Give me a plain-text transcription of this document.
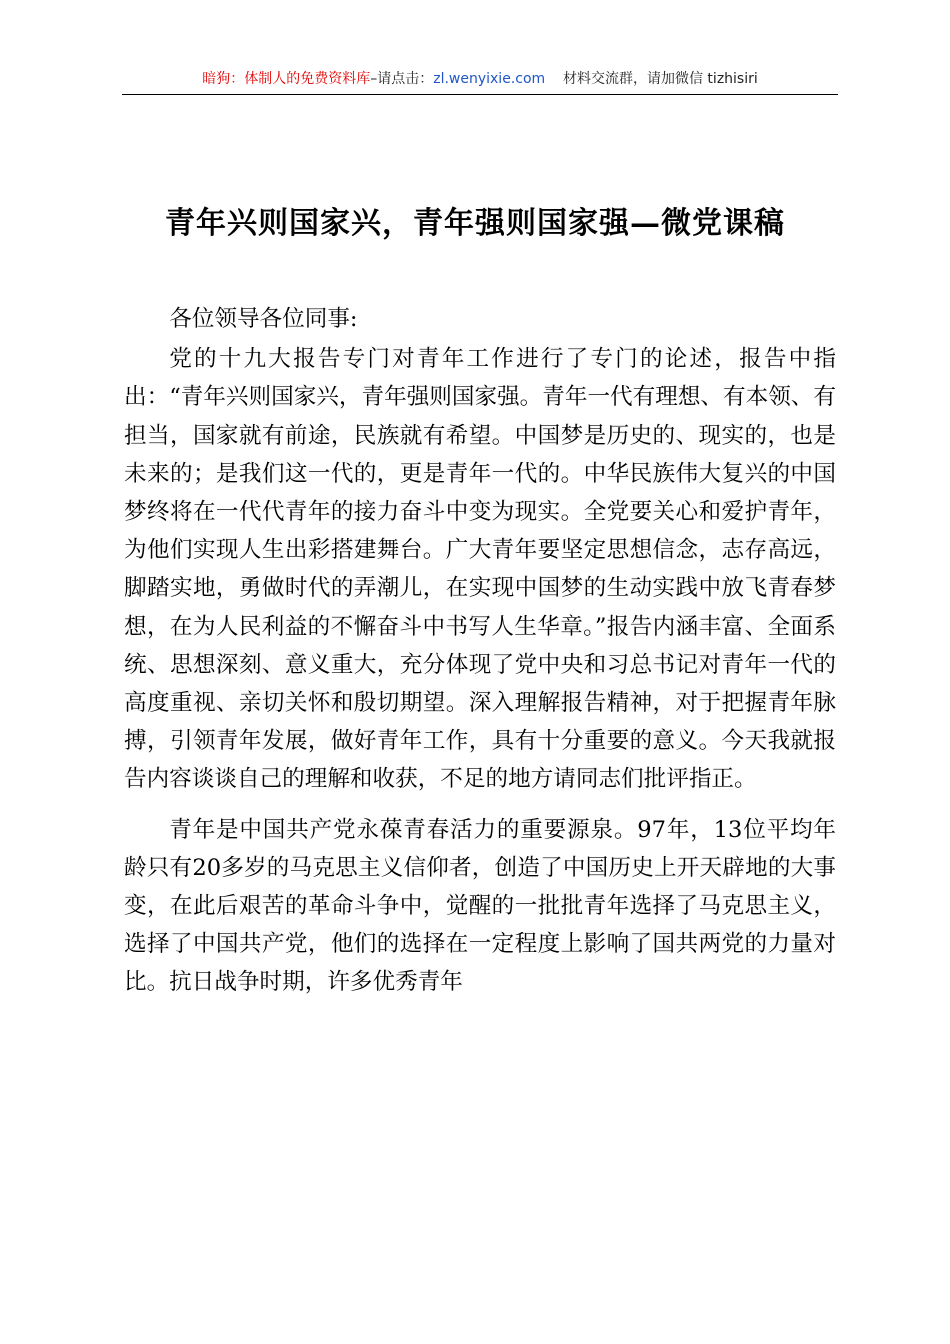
暗狗：体制人的免费资料库–请点击：zl.wenyixie.com 材料交流群，请加微信 tizhisiri
青年兴则国家兴，青年强则国家强—微党课稿

各位领导各位同事:

党的十九大报告专门对青年工作进行了专门的论述，报告中指出：“青年兴则国家兴，青年强则国家强。青年一代有理想、有本领、有担当，国家就有前途，民族就有希望。中国梦是历史的、现实的，也是未来的；是我们这一代的，更是青年一代的。中华民族伟大复兴的中国梦终将在一代代青年的接力奋斗中变为现实。全党要关心和爱护青年，为他们实现人生出彩搭建舞台。广大青年要坚定思想信念，志存高远，脚踏实地，勇做时代的弄潮儿，在实现中国梦的生动实践中放飞青春梦想，在为人民利益的不懈奋斗中书写人生华章。”报告内涵丰富、全面系统、思想深刻、意义重大，充分体现了党中央和习总书记对青年一代的高度重视、亲切关怀和殷切期望。深入理解报告精神，对于把握青年脉搏，引领青年发展，做好青年工作，具有十分重要的意义。今天我就报告内容谈谈自己的理解和收获，不足的地方请同志们批评指正。

青年是中国共产党永葆青春活力的重要源泉。97年，13位平均年龄只有20多岁的马克思主义信仰者，创造了中国历史上开天辟地的大事变，在此后艰苦的革命斗争中，觉醒的一批批青年选择了马克思主义，选择了中国共产党，他们的选择在一定程度上影响了国共两党的力量对比。抗日战争时期，许多优秀青年
